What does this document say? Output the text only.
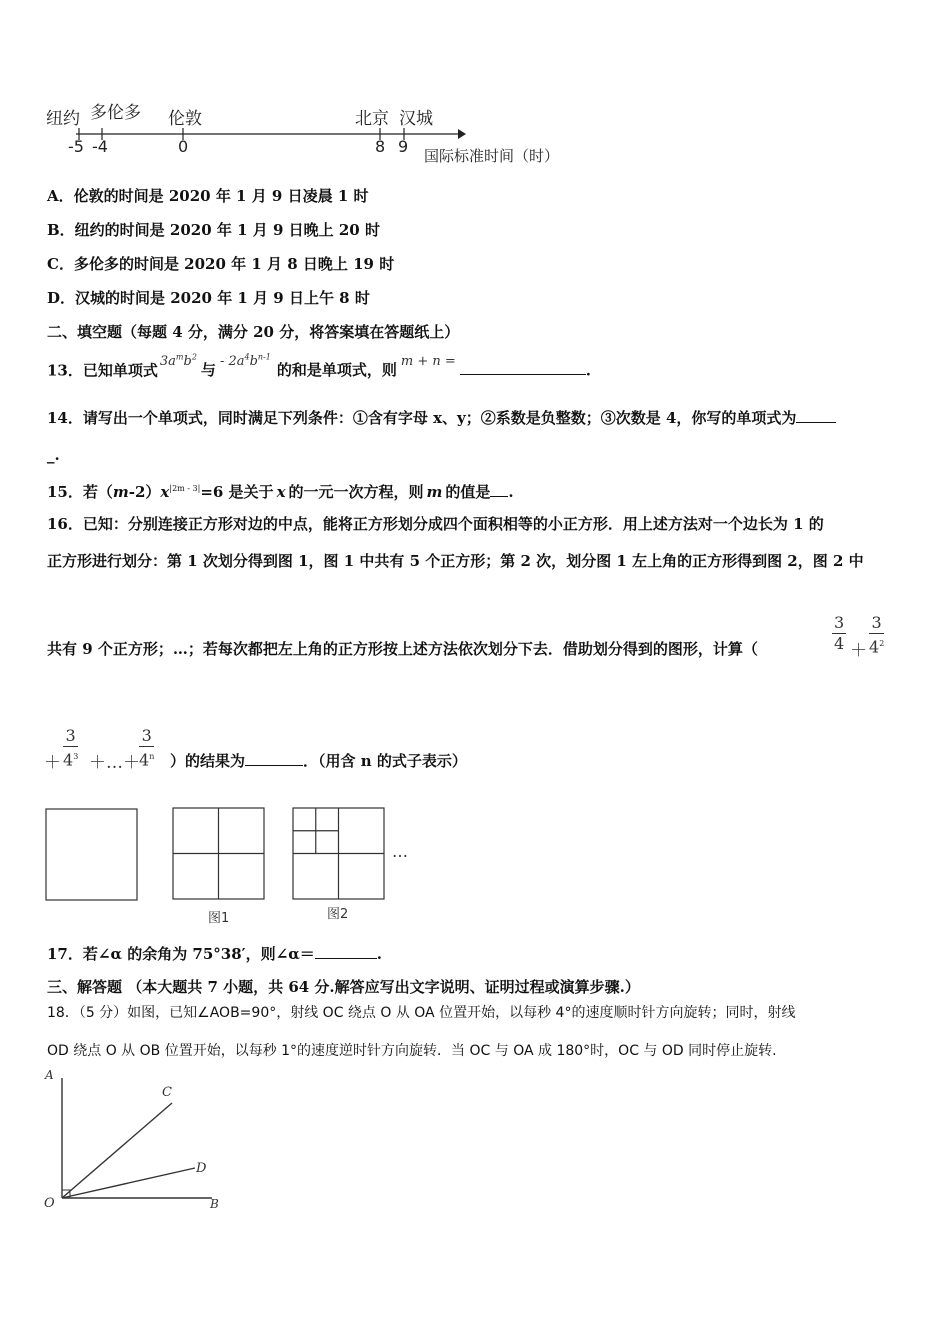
纽约 多伦多 伦敦	北京 汉城
-5 -4	0	8 9 国际标准时间（时）
A．伦敦的时间是 2020 年 1 月 9 日凌晨 1 时
B．纽约的时间是 2020 年 1 月 9 日晚上 20 时
C．多伦多的时间是 2020 年 1 月 8 日晚上 19 时
D．汉城的时间是 2020 年 1 月 9 日上午 8 时
二、填空题（每题 4 分，满分 20 分，将答案填在答题纸上）
13．已知单项式 $3a^mb^2$与 - $2a^4b^{n-1}$的和是单项式，则 m + n =	.
14．请写出一个单项式，同时满足下列条件：①含有字母 x、y；②系数是负整数；③次数是 4，你写的单项式为
_.
15．若$(m-2)x^{|2m - 3|}=6$ 是关于 x 的一元一次方程，则 m 的值是 .
16．已知：分别连接正方形对边的中点，能将正方形划分成四个面积相等的小正方形．用上述方法对一个边长为 1 的
正方形进行划分：第 1 次划分得到图 1，图 1 中共有 5 个正方形；第 2 次，划分图 1 左上角的正方形得到图 2，图 2 中
共有 9 个正方形；…；若每次都把左上角的正方形按上述方法依次划分下去．借助划分得到的图形，计算（	$\frac{3}{4} + \frac{3}{4^2}$
＋ $\frac{3}{4^3}$ ＋…＋ $\frac{3}{4^n}$ ）的结果为	．（用含 n 的式子表示）
…
图1	图2
17．若∠α 的余角为 75°38′，则∠α＝	.
三、解答题 （本大题共 7 小题，共 64 分.解答应写出文字说明、证明过程或演算步骤.）
18．（5 分）如图，已知∠AOB=90°，射线 OC 绕点 O 从 OA 位置开始，以每秒 4°的速度顺时针方向旋转；同时，射线
OD 绕点 O 从 OB 位置开始，以每秒 1°的速度逆时针方向旋转．当 OC 与 OA 成 180°时，OC 与 OD 同时停止旋转.
A
C
D
O	B
